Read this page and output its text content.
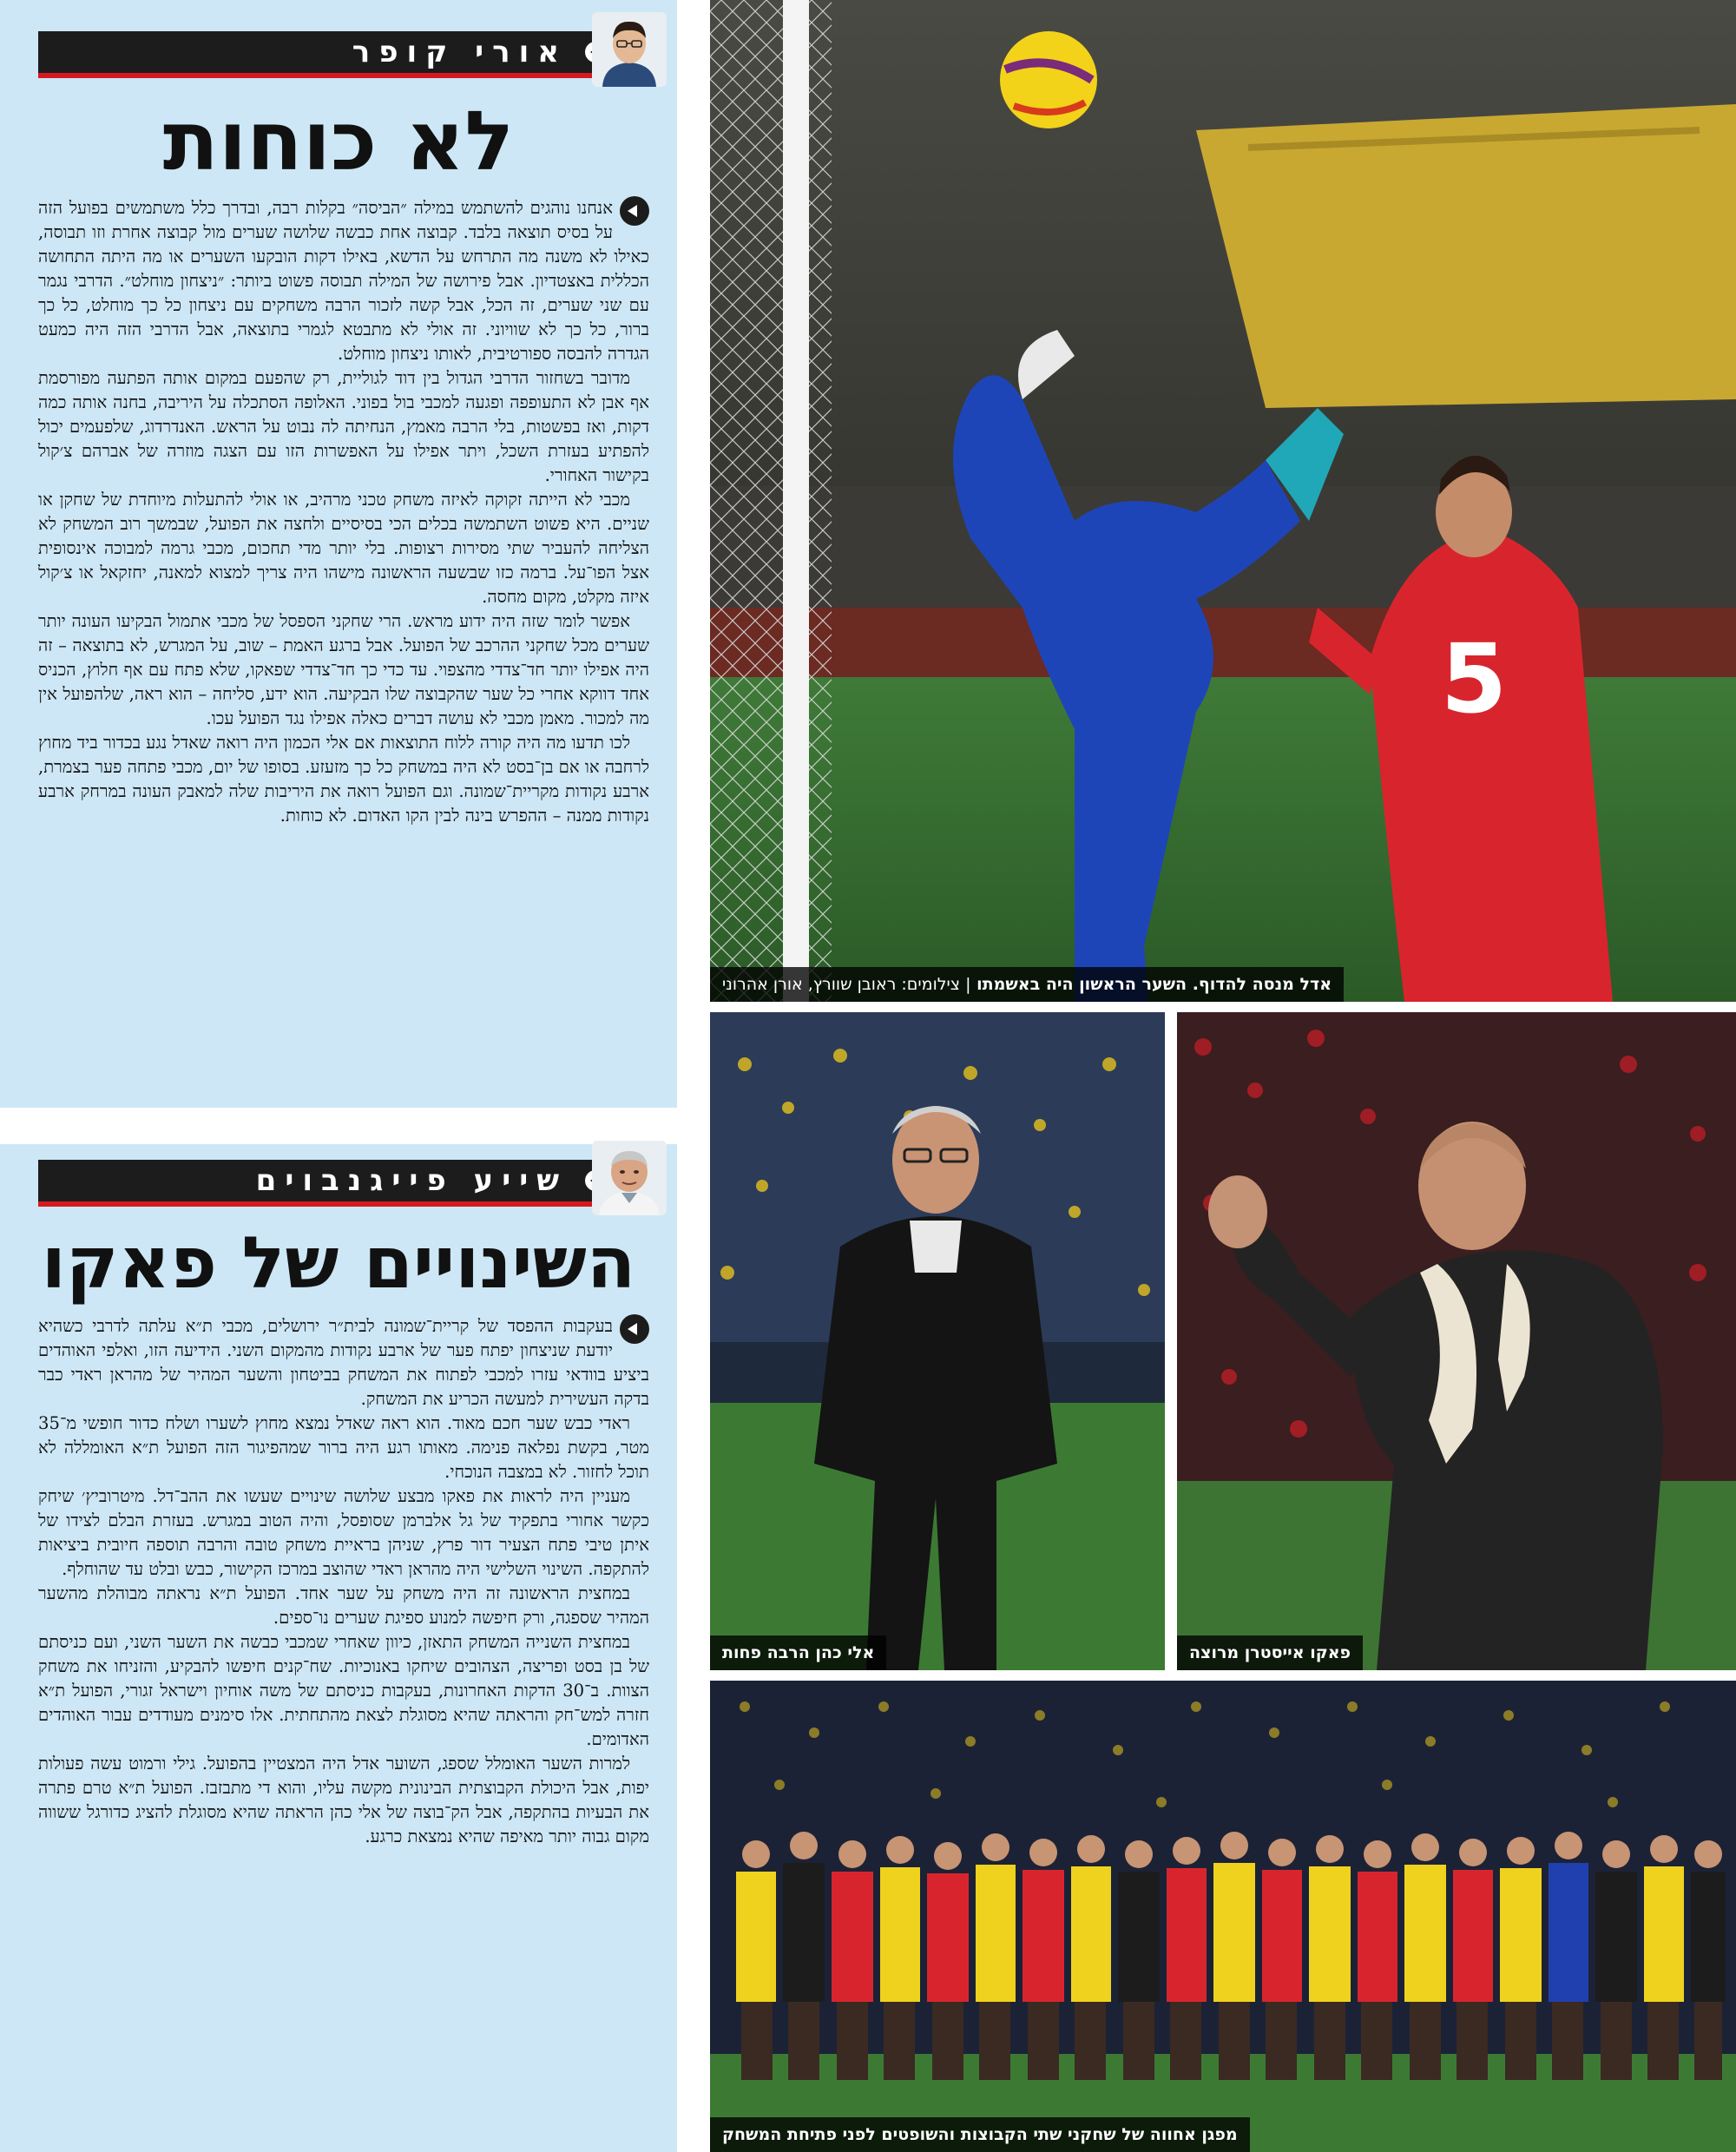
אורי קופר
לא כוחות

אנחנו נוהגים להשתמש במילה ״הביסה״ בקלות רבה, ובדרך כלל משתמשים בפועל הזה על בסיס תוצאה בלבד. קבוצה אחת כבשה שלושה שערים מול קבוצה אחרת וזו תבוסה, כאילו לא משנה מה התרחש על הדשא, באילו דקות הובקעו השערים או מה היתה התחושה הכללית באצטדיון. אבל פירושה של המילה תבוסה פשוט ביותר: ״ניצחון מוחלט״. הדרבי נגמר עם שני שערים, זה הכל, אבל קשה לזכור הרבה משחקים עם ניצחון כל כך מוחלט, כל כך ברור, כל כך לא שוויוני. זה אולי לא מתבטא לגמרי בתוצאה, אבל הדרבי הזה היה כמעט הגדרה להבסה ספורטיבית, לאותו ניצחון מוחלט.

מדובר בשחזור הדרבי הגדול בין דוד לגוליית, רק שהפעם במקום אותה הפתעה מפורסמת אף אבן לא התעופפה ופגעה למכבי בול בפוני. האלופה הסתכלה על היריבה, בחנה אותה כמה דקות, ואז בפשטות, בלי הרבה מאמץ, הנחיתה לה נבוט על הראש. האנדרדוג, שלפעמים יכול להפתיע בעזרת השכל, ויתר אפילו על האפשרות הזו עם הצגה מוזרה של אברהם צ׳קול בקישור האחורי.

מכבי לא הייתה זקוקה לאיזה משחק טכני מרהיב, או אולי להתעלות מיוחדת של שחקן או שניים. היא פשוט השתמשה בכלים הכי בסיסיים ולחצה את הפועל, שבמשך רוב המשחק לא הצליחה להעביר שתי מסירות רצופות. בלי יותר מדי תחכום, מכבי גרמה למבוכה אינסופית אצל הפו־על. ברמה כזו שבשעה הראשונה מישהו היה צריך למצוא למאנה, יחזקאל או צ׳קול איזה מקלט, מקום מחסה.

אפשר לומר שזה היה ידוע מראש. הרי שחקני הספסל של מכבי אתמול הבקיעו העונה יותר שערים מכל שחקני ההרכב של הפועל. אבל ברגע האמת – שוב, על המגרש, לא בתוצאה – זה היה אפילו יותר חד־צדדי מהצפוי. עד כדי כך חד־צדדי שפאקו, שלא פתח עם אף חלוץ, הכניס אחד דווקא אחרי כל שער שהקבוצה שלו הבקיעה. הוא ידע, סליחה – הוא ראה, שלהפועל אין מה למכור. מאמן מכבי לא עושה דברים כאלה אפילו נגד הפועל עכו.

לכו תדעו מה היה קורה ללוח התוצאות אם אלי הכמון היה רואה שאדל נגע בכדור ביד מחוץ לרחבה או אם בן־בסט לא היה במשחק כל כך מזעזע. בסופו של יום, מכבי פתחה פער בצמרת, ארבע נקודות מקריית־שמונה. וגם הפועל רואה את היריבות שלה למאבק העונה במרחק ארבע נקודות ממנה – ההפרש בינה לבין הקו האדום. לא כוחות.

שייע פייגנבוים
השינויים של פאקו

בעקבות ההפסד של קריית־שמונה לבית״ר ירושלים, מכבי ת״א עלתה לדרבי כשהיא יודעת שניצחון יפתח פער של ארבע נקודות מהמקום השני. הידיעה הזו, ואלפי האוהדים ביציע בוודאי עזרו למכבי לפתוח את המשחק בביטחון והשער המהיר של מהראן ראדי כבר בדקה העשירית למעשה הכריע את המשחק.

ראדי כבש שער חכם מאוד. הוא ראה שאדל נמצא מחוץ לשערו ושלח כדור חופשי מ־35 מטר, בקשת נפלאה פנימה. מאותו רגע היה ברור שמהפיגור הזה הפועל ת״א האומללה לא תוכל לחזור. לא במצבה הנוכחי.

מעניין היה לראות את פאקו מבצע שלושה שינויים שעשו את ההב־דל. מיטרוביץ׳ שיחק כקשר אחורי בתפקיד של גל אלברמן שסופסל, והיה הטוב במגרש. בעזרת הבלם לצידו של איתן טיבי פתח הצעיר דור פרץ, שניהן בראיית משחק טובה והרבה תוספה חיובית ביציאות להתקפה. השינוי השלישי היה מהראן ראדי שהוצב במרכז הקישור, כבש ובלט עד שהוחלף.

במחצית הראשונה זה היה משחק על שער אחד. הפועל ת״א נראתה מבוהלת מהשער המהיר שספגה, ורק חיפשה למנוע ספיגת שערים נו־ספים.

במחצית השנייה המשחק התאזן, כיוון שאחרי שמכבי כבשה את השער השני, ועם כניסתם של בן בסט ופריצה, הצהובים שיחקו באנוכיות. שח־קנים חיפשו להבקיע, והזניחו את משחק הצוות. ב־30 הדקות האחרונות, בעקבות כניסתם של משה אוחיון וישראל זגורי, הפועל ת״א חזרה למש־חק והראתה שהיא מסוגלת לצאת מהתחתית. אלו סימנים מעודדים עבור האוהדים האדומים.

למרות השער האומלל שספג, השוער אדל היה המצטיין בהפועל. גילי ורמוט עשה פעולות יפות, אבל היכולת הקבוצתית הבינונית מקשה עליו, והוא די מתבזבז. הפועל ת״א טרם פתרה את הבעיות בהתקפה, אבל הק־בוצה של אלי כהן הראתה שהיא מסוגלת להציג כדורגל ששווה מקום גבוה יותר מאיפה שהיא נמצאת כרגע.

5
אדל מנסה להדוף. השער הראשון היה באשמתו | צילומים: ראובן שוורץ, אורן אהרוני
אלי כהן הרבה פחות	פאקו אייסטרן מרוצה
מפגן אחווה של שחקני שתי הקבוצות והשופטים לפני פתיחת המשחק
